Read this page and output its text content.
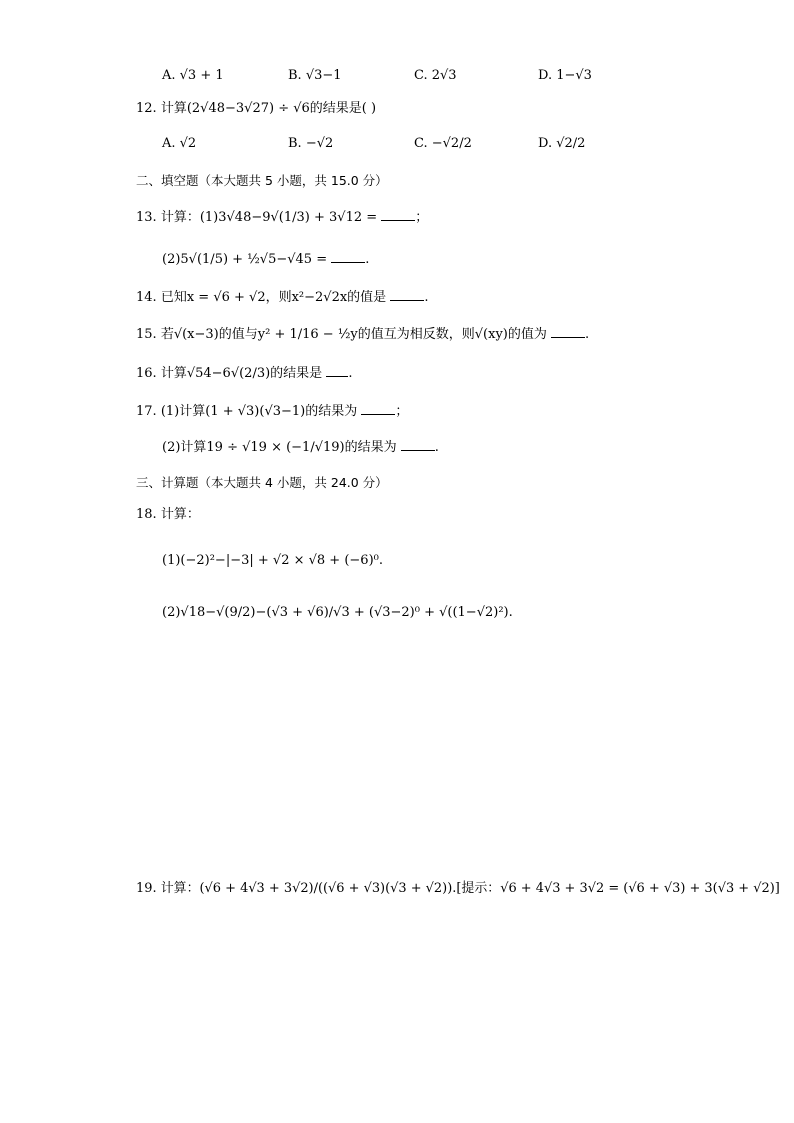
A. √3 + 1	B. √3−1	C. 2√3	D. 1−√3
12. 计算(2√48−3√27) ÷ √6的结果是( )
A. √2	B. −√2	C. −√2/2	D. √2/2
二、填空题（本大题共 5 小题，共 15.0 分）
13. 计算：(1)3√48−9√(1/3) + 3√12 =	；
(2)5√(1/5) + ½√5−√45 =	.
14. 已知x = √6 + √2，则x²−2√2x的值是	.
15. 若√(x−3)的值与y² + 1/16 − ½y的值互为相反数，则√(xy)的值为	.
16. 计算√54−6√(2/3)的结果是 .
17. (1)计算(1 + √3)(√3−1)的结果为	；
(2)计算19 ÷ √19 × (−1/√19)的结果为	.
三、计算题（本大题共 4 小题，共 24.0 分）
18. 计算：
(1)(−2)²−|−3| + √2 × √8 + (−6)⁰.
(2)√18−√(9/2)−(√3 + √6)/√3 + (√3−2)⁰ + √((1−√2)²).
19. 计算：(√6 + 4√3 + 3√2)/((√6 + √3)(√3 + √2)).[提示：√6 + 4√3 + 3√2 = (√6 + √3) + 3(√3 + √2)]
